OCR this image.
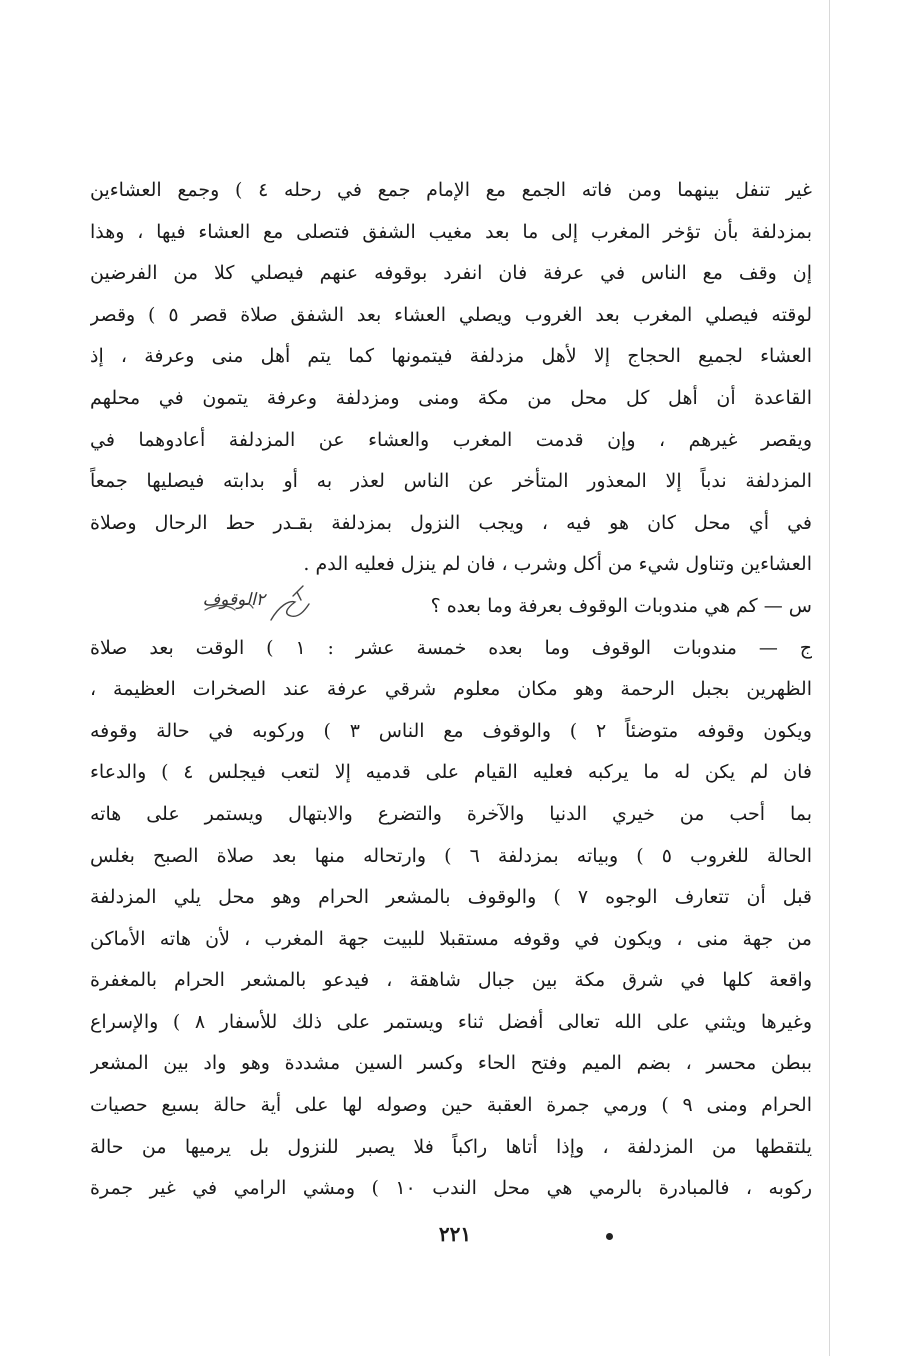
غير تنفل بينهما ومن فاته الجمع مع الإمام جمع في رحله ٤ ) وجمع العشاءين
بمزدلفة بأن تؤخر المغرب إلى ما بعد مغيب الشفق فتصلى مع العشاء فيها ، وهذا
إن وقف مع الناس في عرفة فان انفرد بوقوفه عنهم فيصلي كلا من الفرضين
لوقته فيصلي المغرب بعد الغروب ويصلي العشاء بعد الشفق صلاة قصر ٥ ) وقصر
العشاء لجميع الحجاج إلا لأهل مزدلفة فيتمونها كما يتم أهل منى وعرفة ، إذ
القاعدة أن أهل كل محل من مكة ومنى ومزدلفة وعرفة يتمون في محلهم
ويقصر غيرهم ، وإن قدمت المغرب والعشاء عن المزدلفة أعادوهما في
المزدلفة ندباً إلا المعذور المتأخر عن الناس لعذر به أو بدابته فيصليها جمعاً
في أي محل كان هو فيه ، ويجب النزول بمزدلفة بقـدر حط الرحال وصلاة
العشاءين وتناول شيء من أكل وشرب ، فان لم ينزل فعليه الدم .
س — كم هي مندوبات الوقوف بعرفة وما بعده ؟
ج — مندوبات الوقوف وما بعده خمسة عشر : ١ ) الوقت بعد صلاة
الظهرين بجبل الرحمة وهو مكان معلوم شرقي عرفة عند الصخرات العظيمة ،
ويكون وقوفه متوضئاً ٢ ) والوقوف مع الناس ٣ ) وركوبه في حالة وقوفه
فان لم يكن له ما يركبه فعليه القيام على قدميه إلا لتعب فيجلس ٤ ) والدعاء
بما أحب من خيري الدنيا والآخرة والتضرع والابتهال ويستمر على هاته
الحالة للغروب ٥ ) وبياته بمزدلفة ٦ ) وارتحاله منها بعد صلاة الصبح بغلس
قبل أن تتعارف الوجوه ٧ ) والوقوف بالمشعر الحرام وهو محل يلي المزدلفة
من جهة منى ، ويكون في وقوفه مستقبلا للبيت جهة المغرب ، لأن هاته الأماكن
واقعة كلها في شرق مكة بين جبال شاهقة ، فيدعو بالمشعر الحرام بالمغفرة
وغيرها ويثني على الله تعالى أفضل ثناء ويستمر على ذلك للأسفار ٨ ) والإسراع
ببطن محسر ، بضم الميم وفتح الحاء وكسر السين مشددة وهو واد بين المشعر
الحرام ومنى ٩ ) ورمي جمرة العقبة حين وصوله لها على أية حالة بسبع حصيات
يلتقطها من المزدلفة ، وإذا أتاها راكباً فلا يصبر للنزول بل يرميها من حالة
ركوبه ، فالمبادرة بالرمي هي محل الندب ١٠ ) ومشي الرامي في غير جمرة
٢الوقوف
٢٢١
